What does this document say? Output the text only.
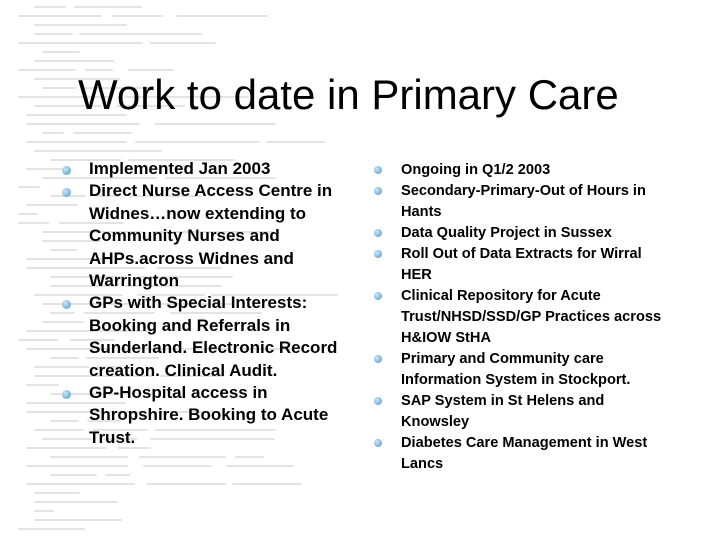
Work to date in Primary Care
Implemented Jan 2003
Direct Nurse Access Centre in Widnes…now extending to Community Nurses and AHPs.across Widnes and Warrington
GPs with Special Interests: Booking and Referrals in Sunderland. Electronic Record creation. Clinical Audit.
GP-Hospital access in Shropshire. Booking to Acute Trust.
Ongoing in Q1/2 2003
Secondary-Primary-Out of Hours in Hants
Data Quality Project in Sussex
Roll Out of Data Extracts for Wirral HER
Clinical Repository for Acute Trust/NHSD/SSD/GP Practices across H&IOW StHA
Primary and Community care Information System in Stockport.
SAP System in St Helens and Knowsley
Diabetes Care Management in West Lancs
